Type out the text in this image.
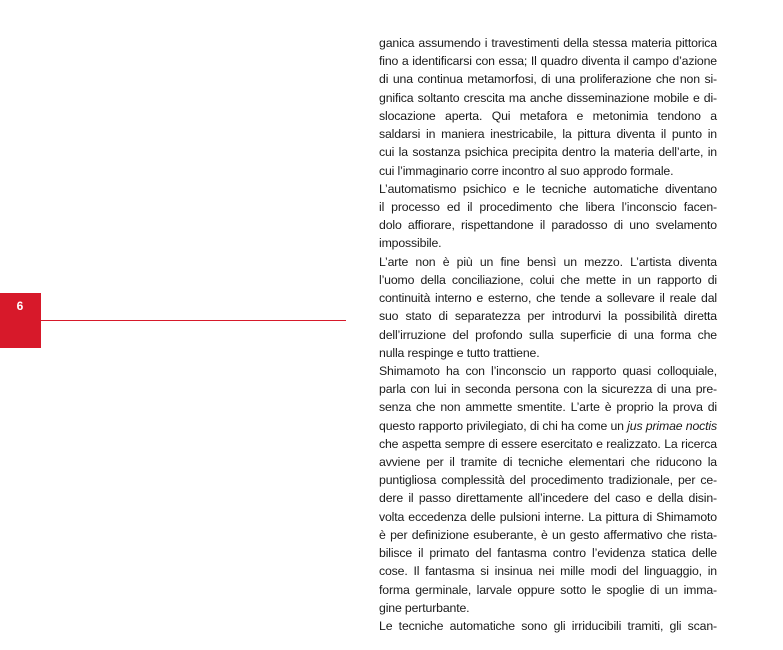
6
ganica assumendo i travestimenti della stessa materia pittorica
fino a identificarsi con essa; Il quadro diventa il campo d’azione
di una continua metamorfosi, di una proliferazione che non si-
gnifica soltanto crescita ma anche disseminazione mobile e di-
slocazione aperta. Qui metafora e metonimia tendono a
saldarsi in maniera inestricabile, la pittura diventa il punto in
cui la sostanza psichica precipita dentro la materia dell’arte, in
cui l’immaginario corre incontro al suo approdo formale.
L’automatismo psichico e le tecniche automatiche diventano
il processo ed il procedimento che libera l’inconscio facen-
dolo affiorare, rispettandone il paradosso di uno svelamento
impossibile.
L’arte non è più un fine bensì un mezzo. L’artista diventa
l’uomo della conciliazione, colui che mette in un rapporto di
continuità interno e esterno, che tende a sollevare il reale dal
suo stato di separatezza per introdurvi la possibilità diretta
dell’irruzione del profondo sulla superficie di una forma che
nulla respinge e tutto trattiene.
Shimamoto ha con l’inconscio un rapporto quasi colloquiale,
parla con lui in seconda persona con la sicurezza di una pre-
senza che non ammette smentite. L’arte è proprio la prova di
questo rapporto privilegiato, di chi ha come un jus primae noctis
che aspetta sempre di essere esercitato e realizzato. La ricerca
avviene per il tramite di tecniche elementari che riducono la
puntigliosa complessità del procedimento tradizionale, per ce-
dere il passo direttamente all’incedere del caso e della disin-
volta eccedenza delle pulsioni interne. La pittura di Shimamoto
è per definizione esuberante, è un gesto affermativo che rista-
bilisce il primato del fantasma contro l’evidenza statica delle
cose. Il fantasma si insinua nei mille modi del linguaggio, in
forma germinale, larvale oppure sotto le spoglie di un imma-
gine perturbante.
Le tecniche automatiche sono gli irriducibili tramiti, gli scan-
